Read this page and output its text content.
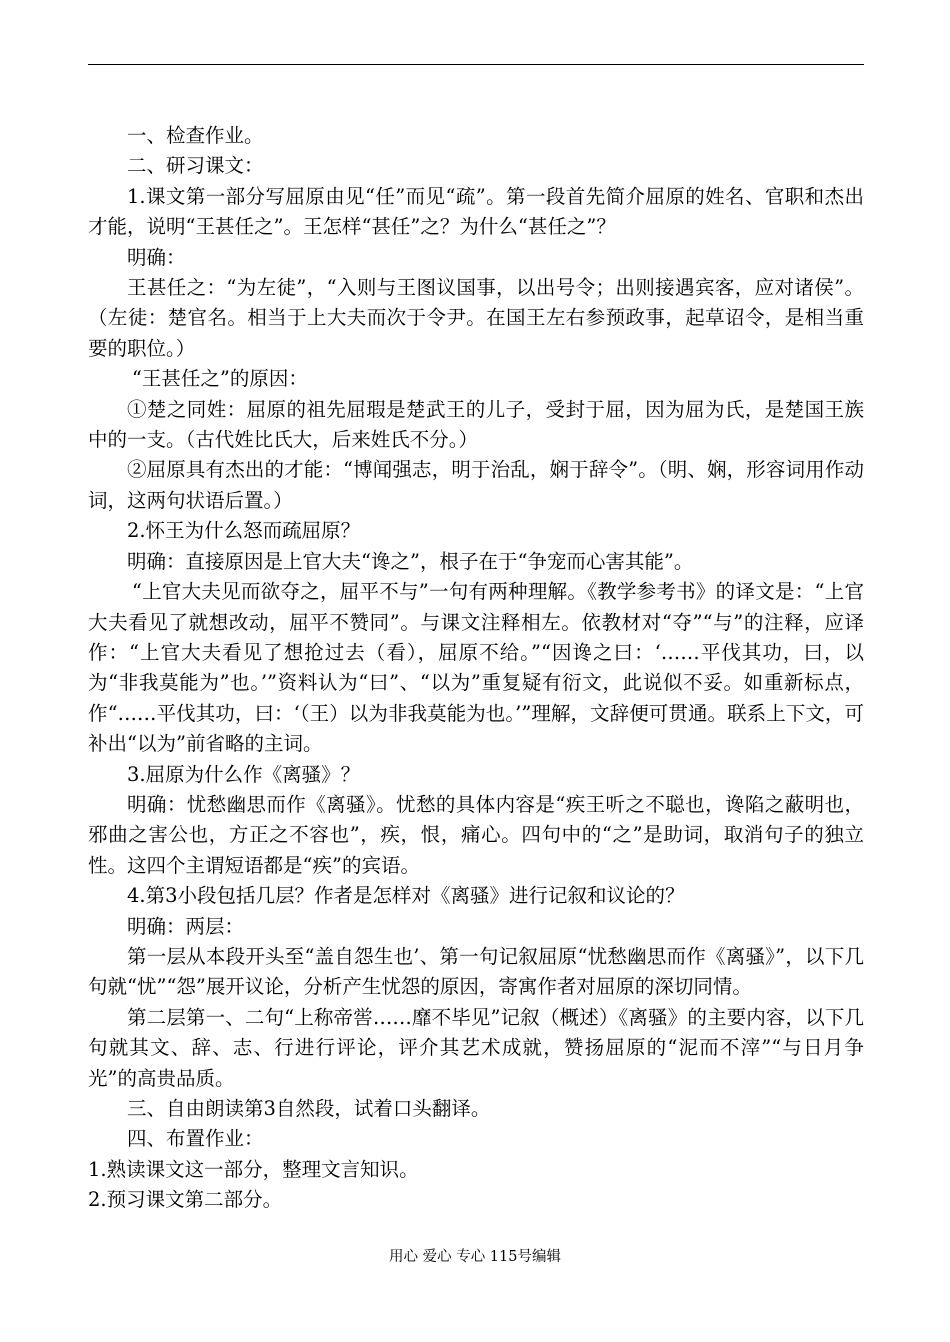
一、检查作业。

二、研习课文：

1.课文第一部分写屈原由见“任”而见“疏”。第一段首先简介屈原的姓名、官职和杰出才能，说明“王甚任之”。王怎样“甚任”之？为什么“甚任之”？

明确：

王甚任之：“为左徒”，“入则与王图议国事，以出号令；出则接遇宾客，应对诸侯”。（左徒：楚官名。相当于上大夫而次于令尹。在国王左右参预政事，起草诏令，是相当重要的职位。）

“王甚任之”的原因：

①楚之同姓：屈原的祖先屈瑕是楚武王的儿子，受封于屈，因为屈为氏，是楚国王族中的一支。（古代姓比氏大，后来姓氏不分。）

②屈原具有杰出的才能：“博闻强志，明于治乱，娴于辞令”。（明、娴，形容词用作动词，这两句状语后置。）

2.怀王为什么怒而疏屈原？

明确：直接原因是上官大夫“谗之”，根子在于“争宠而心害其能”。

“上官大夫见而欲夺之，屈平不与”一句有两种理解。《教学参考书》的译文是：“上官大夫看见了就想改动，屈平不赞同”。与课文注释相左。依教材对“夺”“与”的注释，应译作：“上官大夫看见了想抢过去（看），屈原不给。”“因谗之曰：‘……平伐其功，曰，以为“非我莫能为”也。’”资料认为“曰”、“以为”重复疑有衍文，此说似不妥。如重新标点，作“……平伐其功，曰：‘（王）以为非我莫能为也。’”理解，文辞便可贯通。联系上下文，可补出“以为”前省略的主词。

3.屈原为什么作《离骚》？

明确：忧愁幽思而作《离骚》。忧愁的具体内容是“疾王听之不聪也，谗陷之蔽明也，邪曲之害公也，方正之不容也”，疾，恨，痛心。四句中的“之”是助词，取消句子的独立性。这四个主谓短语都是“疾”的宾语。

4.第3小段包括几层？作者是怎样对《离骚》进行记叙和议论的？

明确：两层：

第一层从本段开头至“盖自怨生也’、第一句记叙屈原“忧愁幽思而作《离骚》”，以下几句就“忧”“怨”展开议论，分析产生忧怨的原因，寄寓作者对屈原的深切同情。

第二层第一、二句“上称帝喾……靡不毕见”记叙（概述）《离骚》的主要内容，以下几句就其文、辞、志、行进行评论，评介其艺术成就，赞扬屈原的“泥而不滓”“与日月争光”的高贵品质。

三、自由朗读第3自然段，试着口头翻译。

四、布置作业：

1.熟读课文这一部分，整理文言知识。

2.预习课文第二部分。

用心 爱心 专心 115号编辑
